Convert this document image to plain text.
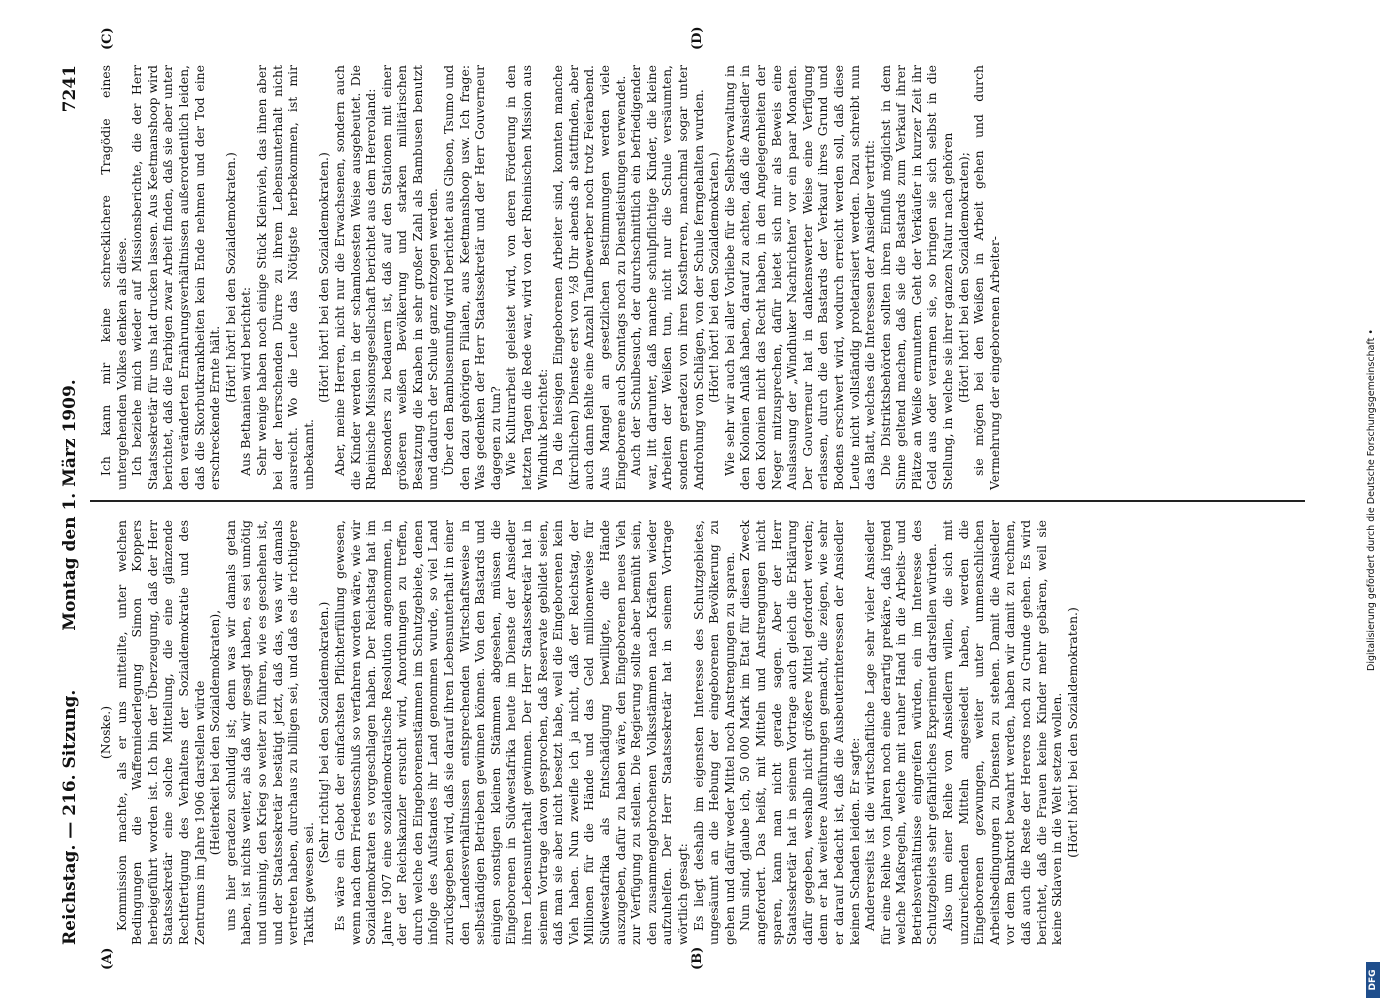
Reichstag. — 216. Sitzung.
Montag den 1. März 1909.
7241
(A)	(B)
(C)	(D)

(Noske.) Kommission machte, als er uns mitteilte, unter welchen Bedingungen die Waffenniederlegung Simon Koppers herbeigeführt worden ist. Ich bin der Überzeugung, daß der Herr Staatssekretär eine solche Mitteilung, die eine glänzende Rechtfertigung des Verhaltens der Sozialdemokratie und des Zentrums im Jahre 1906 darstellen würde (Heiterkeit bei den Sozialdemokraten), uns hier geradezu schuldig ist; denn was wir damals getan haben, ist nichts weiter, als daß wir gesagt haben, es sei unnötig und unsinnig, den Krieg so weiter zu führen, wie es geschehen ist, und der Staatssekretär bestätigt jetzt, daß das, was wir damals vertreten haben, durchaus zu billigen sei, und daß es die richtigere Taktik gewesen sei.

(Sehr richtig! bei den Sozialdemokraten.) Es wäre ein Gebot der einfachsten Pflichterfüllung gewesen, wenn nach dem Friedensschluß so verfahren worden wäre, wie wir Sozialdemokraten es vorgeschlagen haben. Der Reichstag hat im Jahre 1907 eine sozialdemokratische Resolution angenommen, in der der Reichskanzler ersucht wird, Anordnungen zu treffen, durch welche den Eingeborenenstämmen im Schutzgebiete, denen infolge des Aufstandes ihr Land genommen wurde, so viel Land zurückgegeben wird, daß sie darauf ihren Lebensunterhalt in einer den Landesverhältnissen entsprechenden Wirtschaftsweise in selbständigen Betrieben gewinnen können. Von den Bastards und einigen sonstigen kleinen Stämmen abgesehen, müssen die Eingeborenen in Südwestafrika heute im Dienste der Ansiedler ihren Lebensunterhalt gewinnen. Der Herr Staatssekretär hat in seinem Vortrage davon gesprochen, daß Reservate gebildet seien, daß man sie aber nicht besetzt habe, weil die Eingeborenen kein Vieh haben. Nun zweifle ich ja nicht, daß der Reichstag, der Millionen für die Hände und das Geld millionenweise für Südwestafrika als Entschädigung bewilligte, die Hände auszugeben, dafür zu haben wäre, den Eingeborenen neues Vieh zur Verfügung zu stellen. Die Regierung sollte aber bemüht sein, den zusammengebrochenen Volksstämmen nach Kräften wieder aufzuhelfen. Der Herr Staatssekretär hat in seinem Vortrage wörtlich gesagt: Es liegt deshalb im eigensten Interesse des Schutzgebietes, ungesäumt an die Hebung der eingeborenen Bevölkerung zu gehen und dafür weder Mittel noch Anstrengungen zu sparen. Nun sind, glaube ich, 50 000 Mark im Etat für diesen Zweck angefordert. Das heißt, mit Mitteln und Anstrengungen nicht sparen, kann man nicht gerade sagen. Aber der Herr Staatssekretär hat in seinem Vortrage auch gleich die Erklärung dafür gegeben, weshalb nicht größere Mittel gefordert werden; denn er hat weitere Ausführungen gemacht, die zeigen, wie sehr er darauf bedacht ist, daß die Ausbeuterinteressen der Ansiedler keinen Schaden leiden. Er sagte: Andererseits ist die wirtschaftliche Lage sehr vieler Ansiedler für eine Reihe von Jahren noch eine derartig prekäre, daß irgend welche Maßregeln, welche mit rauher Hand in die Arbeits- und Betriebsverhältnisse eingreifen würden, ein im Interesse des Schutzgebiets sehr gefährliches Experiment darstellen würden. Also um einer Reihe von Ansiedlern willen, die sich mit unzureichenden Mitteln angesiedelt haben, werden die Eingeborenen gezwungen, weiter unter unmenschlichen Arbeitsbedingungen zu Diensten zu stehen. Damit die Ansiedler vor dem Bankrott bewahrt werden, haben wir damit zu rechnen, daß auch die Reste der Hereros noch zu Grunde gehen. Es wird berichtet, daß die Frauen keine Kinder mehr gebären, weil sie keine Sklaven in die Welt setzen wollen. (Hört! hört! bei den Sozialdemokraten.)

Ich kann mir keine schrecklichere Tragödie eines untergehenden Volkes denken als diese. Ich beziehe mich wieder auf Missionsberichte, die der Herr Staatssekretär für uns hat drucken lassen. Aus Keetmanshoop wird berichtet, daß die Farbigen zwar Arbeit finden, daß sie aber unter den veränderten Ernährungsverhältnissen außerordentlich leiden, daß die Skorbutkrankheiten kein Ende nehmen und der Tod eine erschreckende Ernte hält.

(Hört! hört! bei den Sozialdemokraten.) Aus Bethanien wird berichtet: Sehr wenige haben noch einige Stück Kleinvieh, das ihnen aber bei der herrschenden Dürre zu ihrem Lebensunterhalt nicht ausreicht. Wo die Leute das Nötigste herbekommen, ist mir unbekannt.

(Hört! hört! bei den Sozialdemokraten.) Aber, meine Herren, nicht nur die Erwachsenen, sondern auch die Kinder werden in der schamlosesten Weise ausgebeutet. Die Rheinische Missionsgesellschaft berichtet aus dem Hereroland: Besonders zu bedauern ist, daß auf den Stationen mit einer größeren weißen Bevölkerung und starken militärischen Besatzung die Knaben in sehr großer Zahl als Bambusen benutzt und dadurch der Schule ganz entzogen werden. Über den Bambusenunfug wird berichtet aus Gibeon, Tsumo und den dazu gehörigen Filialen, aus Keetmanshoop usw. Ich frage: Was gedenken der Herr Staatssekretär und der Herr Gouverneur dagegen zu tun? Wie Kulturarbeit geleistet wird, von deren Förderung in den letzten Tagen die Rede war, wird von der Rheinischen Mission aus Windhuk berichtet: Da die hiesigen Eingeborenen Arbeiter sind, konnten manche (kirchlichen) Dienste erst von ½8 Uhr abends ab stattfinden, aber auch dann fehlte eine Anzahl Taufbewerber noch trotz Feierabend. Aus Mangel an gesetzlichen Bestimmungen werden viele Eingeborene auch Sonntags noch zu Dienstleistungen verwendet. Auch der Schulbesuch, der durchschnittlich ein befriedigender war, litt darunter, daß manche schulpflichtige Kinder, die kleine Arbeiten der Weißen tun, nicht nur die Schule versäumten, sondern geradezu von ihren Kostherren, manchmal sogar unter Androhung von Schlägen, von der Schule ferngehalten wurden. (Hört! hört! bei den Sozialdemokraten.) Wie sehr wir auch bei aller Vorliebe für die Selbstverwaltung in den Kolonien Anlaß haben, darauf zu achten, daß die Ansiedler in den Kolonien nicht das Recht haben, in den Angelegenheiten der Neger mitzusprechen, dafür bietet sich mir als Beweis eine Auslassung der „Windhuker Nachrichten“ vor ein paar Monaten. Der Gouverneur hat in dankenswerter Weise eine Verfügung erlassen, durch die den Bastards der Verkauf ihres Grund und Bodens erschwert wird, wodurch erreicht werden soll, daß diese Leute nicht vollständig proletarisiert werden. Dazu schreibt nun das Blatt, welches die Interessen der Ansiedler vertritt: Die Distriktsbehörden sollten ihren Einfluß möglichst in dem Sinne geltend machen, daß sie die Bastards zum Verkauf ihrer Plätze an Weiße ermuntern. Geht der Verkäufer in kurzer Zeit ihr Geld aus oder verarmen sie, so bringen sie sich selbst in die Stellung, in welche sie ihrer ganzen Natur nach gehören (Hört! hört! bei den Sozialdemokraten); sie mögen bei den Weißen in Arbeit gehen und durch Vermehrung der eingeborenen Arbeiter-

DFG
Digitalisierung gefördert durch die Deutsche Forschungsgemeinschaft •
